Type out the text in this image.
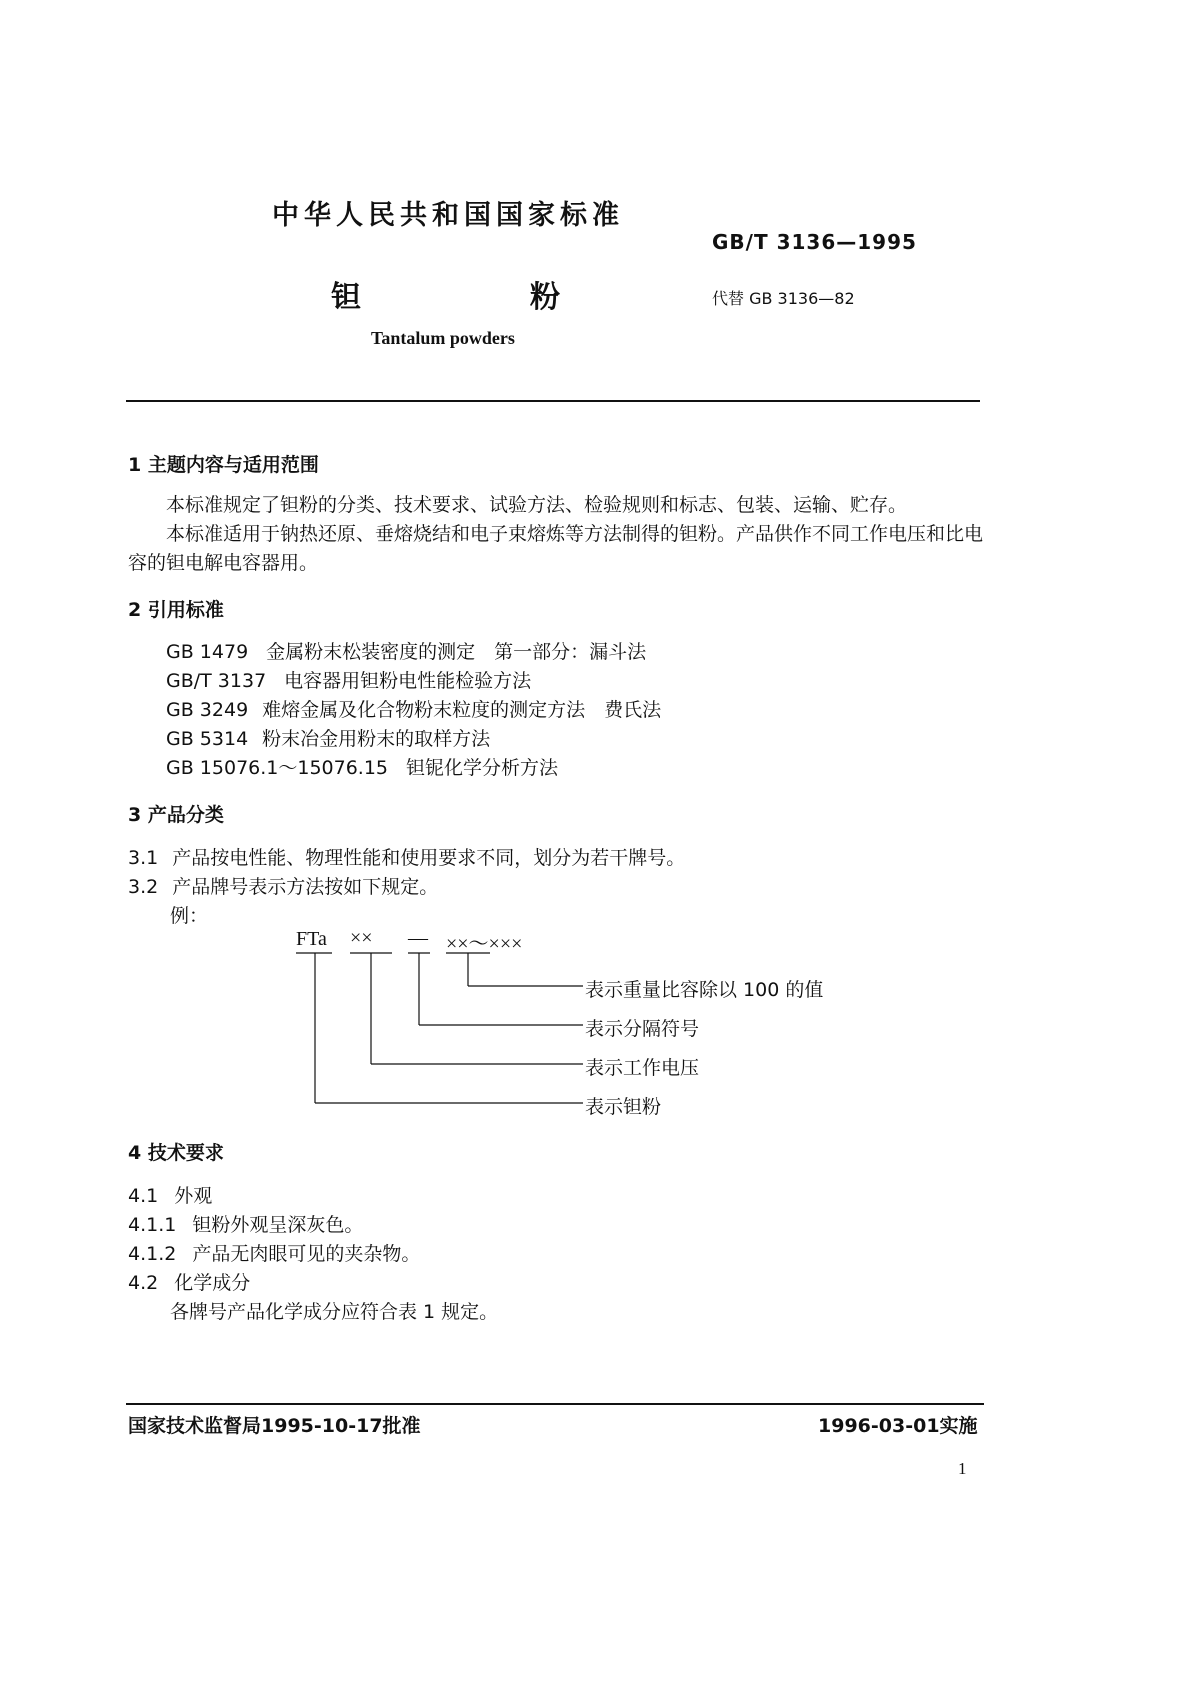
中华人民共和国国家标准
GB/T 3136—1995
钽	粉	代替 GB 3136—82
Tantalum powders
1 主题内容与适用范围
本标准规定了钽粉的分类、技术要求、试验方法、检验规则和标志、包装、运输、贮存。
本标准适用于钠热还原、垂熔烧结和电子束熔炼等方法制得的钽粉。产品供作不同工作电压和比电
容的钽电解电容器用。
2 引用标准
GB 1479 金属粉末松装密度的测定　第一部分：漏斗法
GB/T 3137 电容器用钽粉电性能检验方法
GB 3249 难熔金属及化合物粉末粒度的测定方法　费氏法
GB 5314 粉末冶金用粉末的取样方法
GB 15076.1～15076.15 钽铌化学分析方法
3 产品分类
3.1 产品按电性能、物理性能和使用要求不同，划分为若干牌号。
3.2 产品牌号表示方法按如下规定。
例：
FTa ×× — ××～×××
表示重量比容除以 100 的值
表示分隔符号
表示工作电压
表示钽粉
4 技术要求
4.1 外观
4.1.1 钽粉外观呈深灰色。
4.1.2 产品无肉眼可见的夹杂物。
4.2 化学成分
各牌号产品化学成分应符合表 1 规定。
国家技术监督局1995-10-17批准	1996-03-01实施
1
